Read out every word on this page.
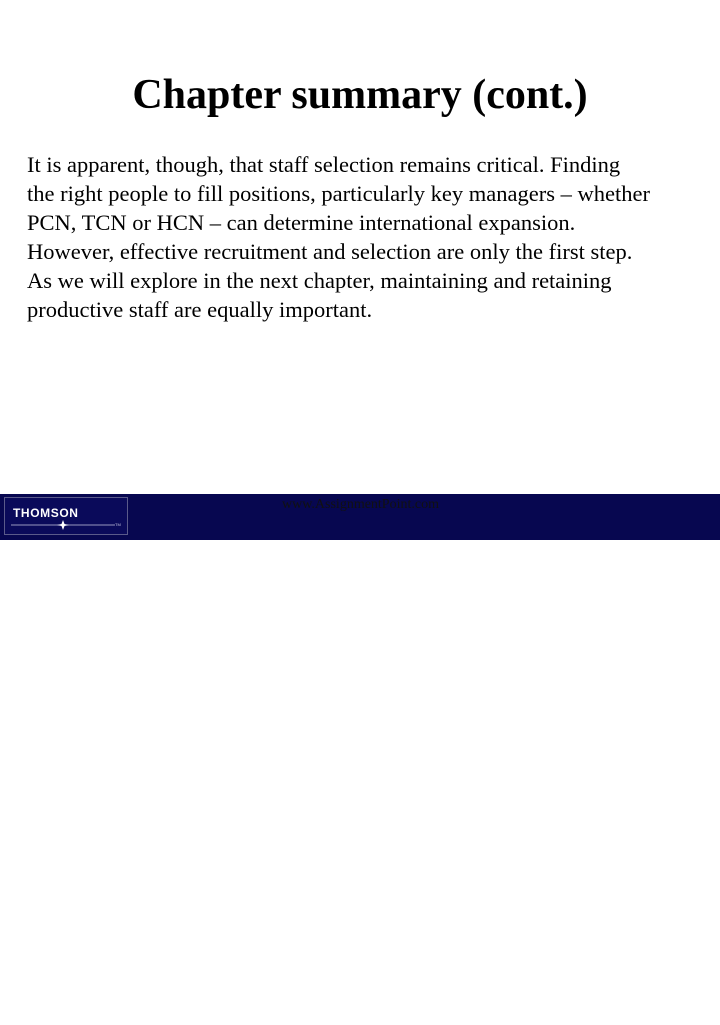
Chapter summary (cont.)
It is apparent, though, that staff selection remains critical. Finding
the right people to fill positions, particularly key managers – whether
PCN, TCN or HCN – can determine international expansion.
However, effective recruitment and selection are only the first step.
As we will explore in the next chapter, maintaining and retaining
productive staff are equally important.
THOMSON
TM
Use with International Human Resource Management ISBN 1-84480013-X
Published by Thomson Learning © Peter Dowling and Denice Welch
4/30
www.AssignmentPoint.com
